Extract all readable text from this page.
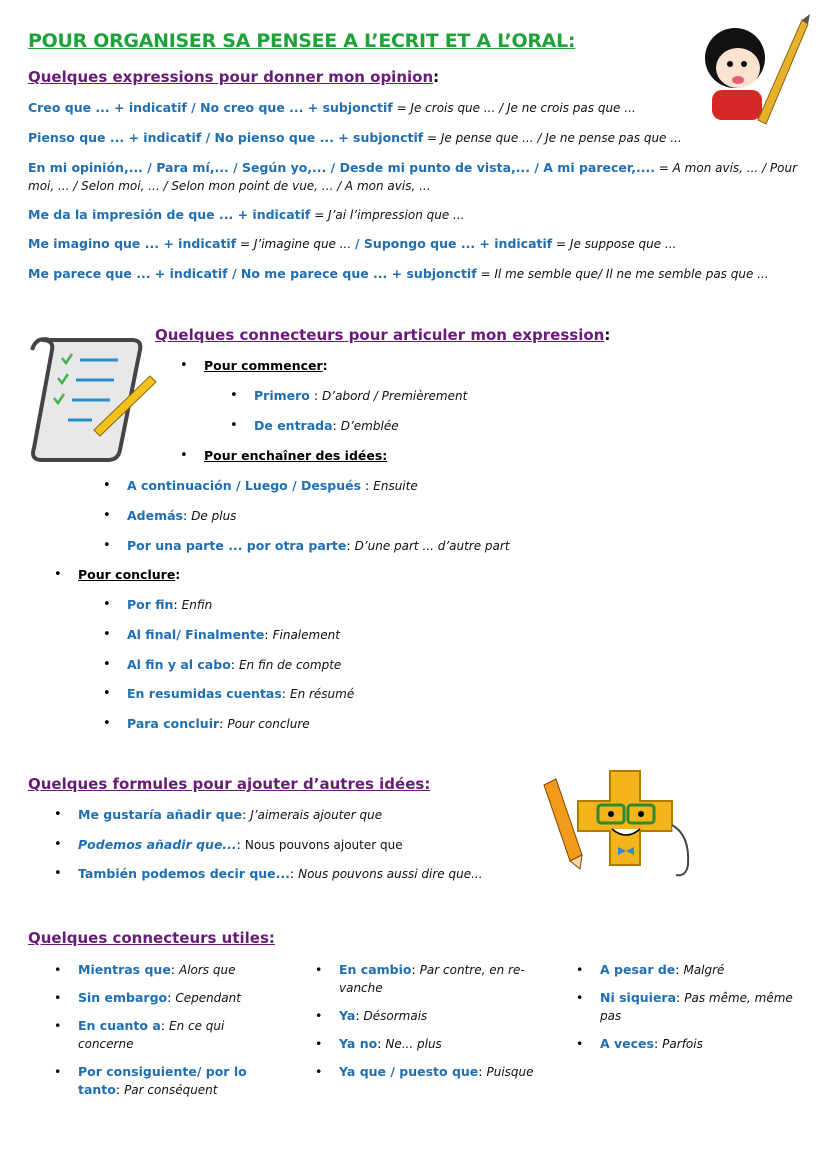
POUR ORGANISER SA PENSEE A L’ECRIT ET A L’ORAL:
Quelques expressions pour donner mon opinion:
Creo que ... + indicatif / No creo que ... + subjonctif = Je crois que ... / Je ne crois pas que ...
Pienso que ... + indicatif / No pienso que ... + subjonctif = Je pense que ... / Je ne pense pas que ...
En mi opinión,... / Para mí,... / Según yo,... / Desde mi punto de vista,... / A mi parecer,.... = A mon avis, ... / Pour moi, ... / Selon moi, ... / Selon mon point de vue, ... / A mon avis, ...
Me da la impresión de que ... + indicatif = J’ai l’impression que ...
Me imagino que ... + indicatif = J’imagine que ... / Supongo que ... + indicatif = Je suppose que ...
Me parece que ... + indicatif / No me parece que ... + subjonctif = Il me semble que/ Il ne me semble pas que ...
Quelques connecteurs pour articuler mon expression:
• Pour commencer:
• Primero : D’abord / Premièrement
• De entrada: D’emblée
• Pour enchaîner des idées:
• A continuación / Luego / Después : Ensuite
• Además: De plus
• Por una parte ... por otra parte: D’une part ... d’autre part
• Pour conclure:
• Por fin: Enfin
• Al final/ Finalmente: Finalement
• Al fin y al cabo: En fin de compte
• En resumidas cuentas: En résumé
• Para concluir: Pour conclure
Quelques formules pour ajouter d’autres idées:
• Me gustaría añadir que: J’aimerais ajouter que
• Podemos añadir que...: Nous pouvons ajouter que
• También podemos decir que...: Nous pouvons aussi dire que...
Quelques connecteurs utiles:
• Mientras que: Alors que
• Sin embargo: Cependant
• En cuanto a: En ce qui concerne
• Por consiguiente/ por lo tanto: Par conséquent
• En cambio: Par contre, en re-vanche
• Ya: Désormais
• Ya no: Ne... plus
• Ya que / puesto que: Puisque
• A pesar de: Malgré
• Ni siquiera: Pas même, même pas
• A veces: Parfois
